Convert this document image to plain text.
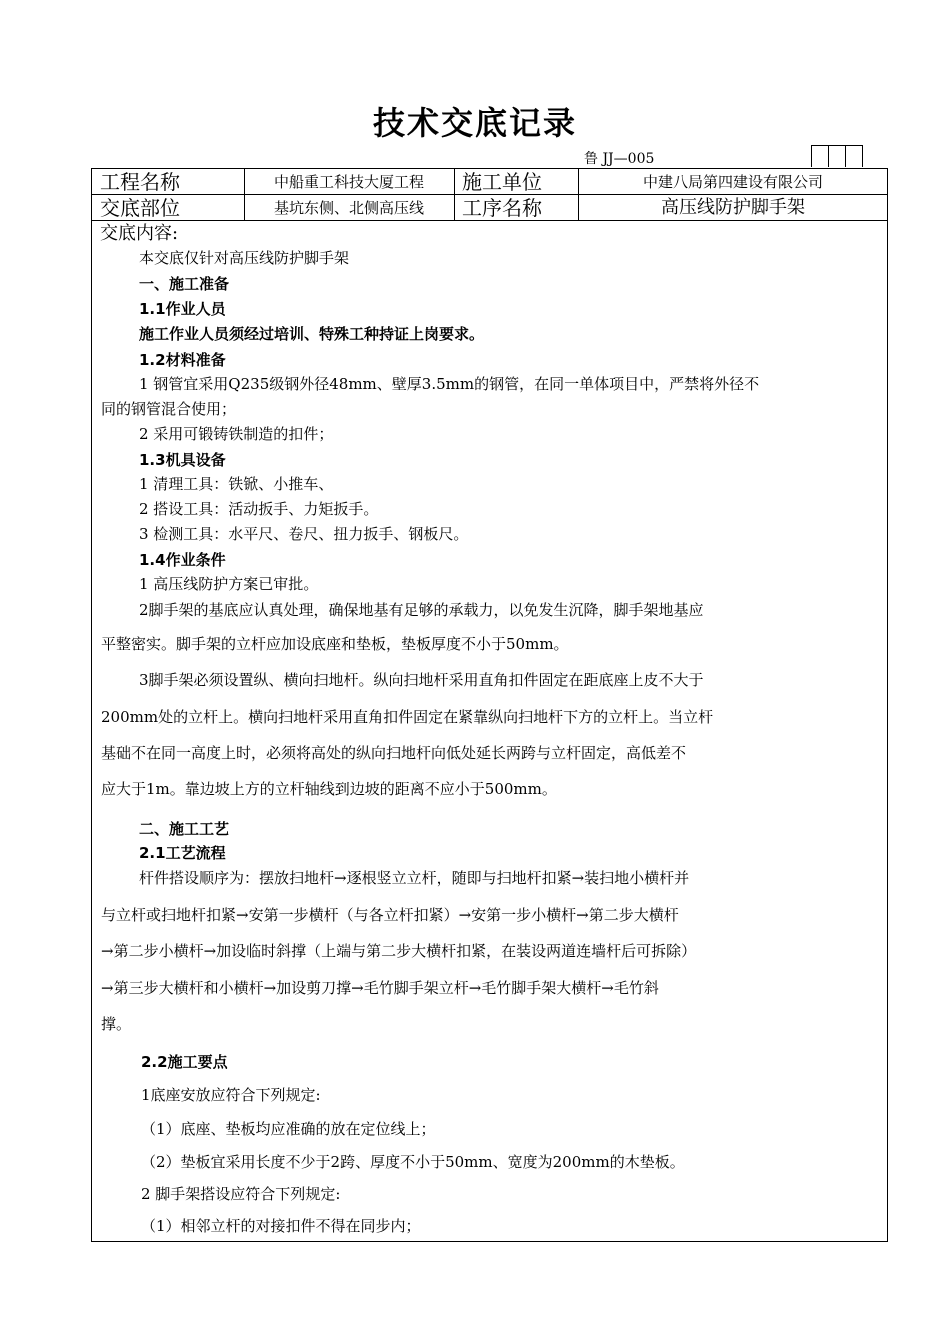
技术交底记录
鲁 JJ—005
工程名称	中船重工科技大厦工程	施工单位	中建八局第四建设有限公司
交底部位	基坑东侧、北侧高压线	工序名称	高压线防护脚手架
交底内容:
本交底仅针对高压线防护脚手架
一、施工准备
1.1作业人员
施工作业人员须经过培训、特殊工种持证上岗要求。
1.2材料准备
1 钢管宜采用Q235级钢外径48mm、壁厚3.5mm的钢管，在同一单体项目中，严禁将外径不
同的钢管混合使用；
2 采用可锻铸铁制造的扣件；
1.3机具设备
1 清理工具：铁锨、小推车、
2 搭设工具：活动扳手、力矩扳手。
3 检测工具：水平尺、卷尺、扭力扳手、钢板尺。
1.4作业条件
1 高压线防护方案已审批。
2脚手架的基底应认真处理，确保地基有足够的承载力，以免发生沉降，脚手架地基应
平整密实。脚手架的立杆应加设底座和垫板，垫板厚度不小于50mm。
3脚手架必须设置纵、横向扫地杆。纵向扫地杆采用直角扣件固定在距底座上皮不大于
200mm处的立杆上。横向扫地杆采用直角扣件固定在紧靠纵向扫地杆下方的立杆上。当立杆
基础不在同一高度上时，必须将高处的纵向扫地杆向低处延长两跨与立杆固定，高低差不
应大于1m。靠边坡上方的立杆轴线到边坡的距离不应小于500mm。
二、施工工艺
2.1工艺流程
杆件搭设顺序为：摆放扫地杆→逐根竖立立杆，随即与扫地杆扣紧→装扫地小横杆并
与立杆或扫地杆扣紧→安第一步横杆（与各立杆扣紧）→安第一步小横杆→第二步大横杆
→第二步小横杆→加设临时斜撑（上端与第二步大横杆扣紧，在装设两道连墙杆后可拆除）
→第三步大横杆和小横杆→加设剪刀撑→毛竹脚手架立杆→毛竹脚手架大横杆→毛竹斜
撑。
2.2施工要点
1底座安放应符合下列规定:
（1）底座、垫板均应准确的放在定位线上；
（2）垫板宜采用长度不少于2跨、厚度不小于50mm、宽度为200mm的木垫板。
2 脚手架搭设应符合下列规定:
（1）相邻立杆的对接扣件不得在同步内；
